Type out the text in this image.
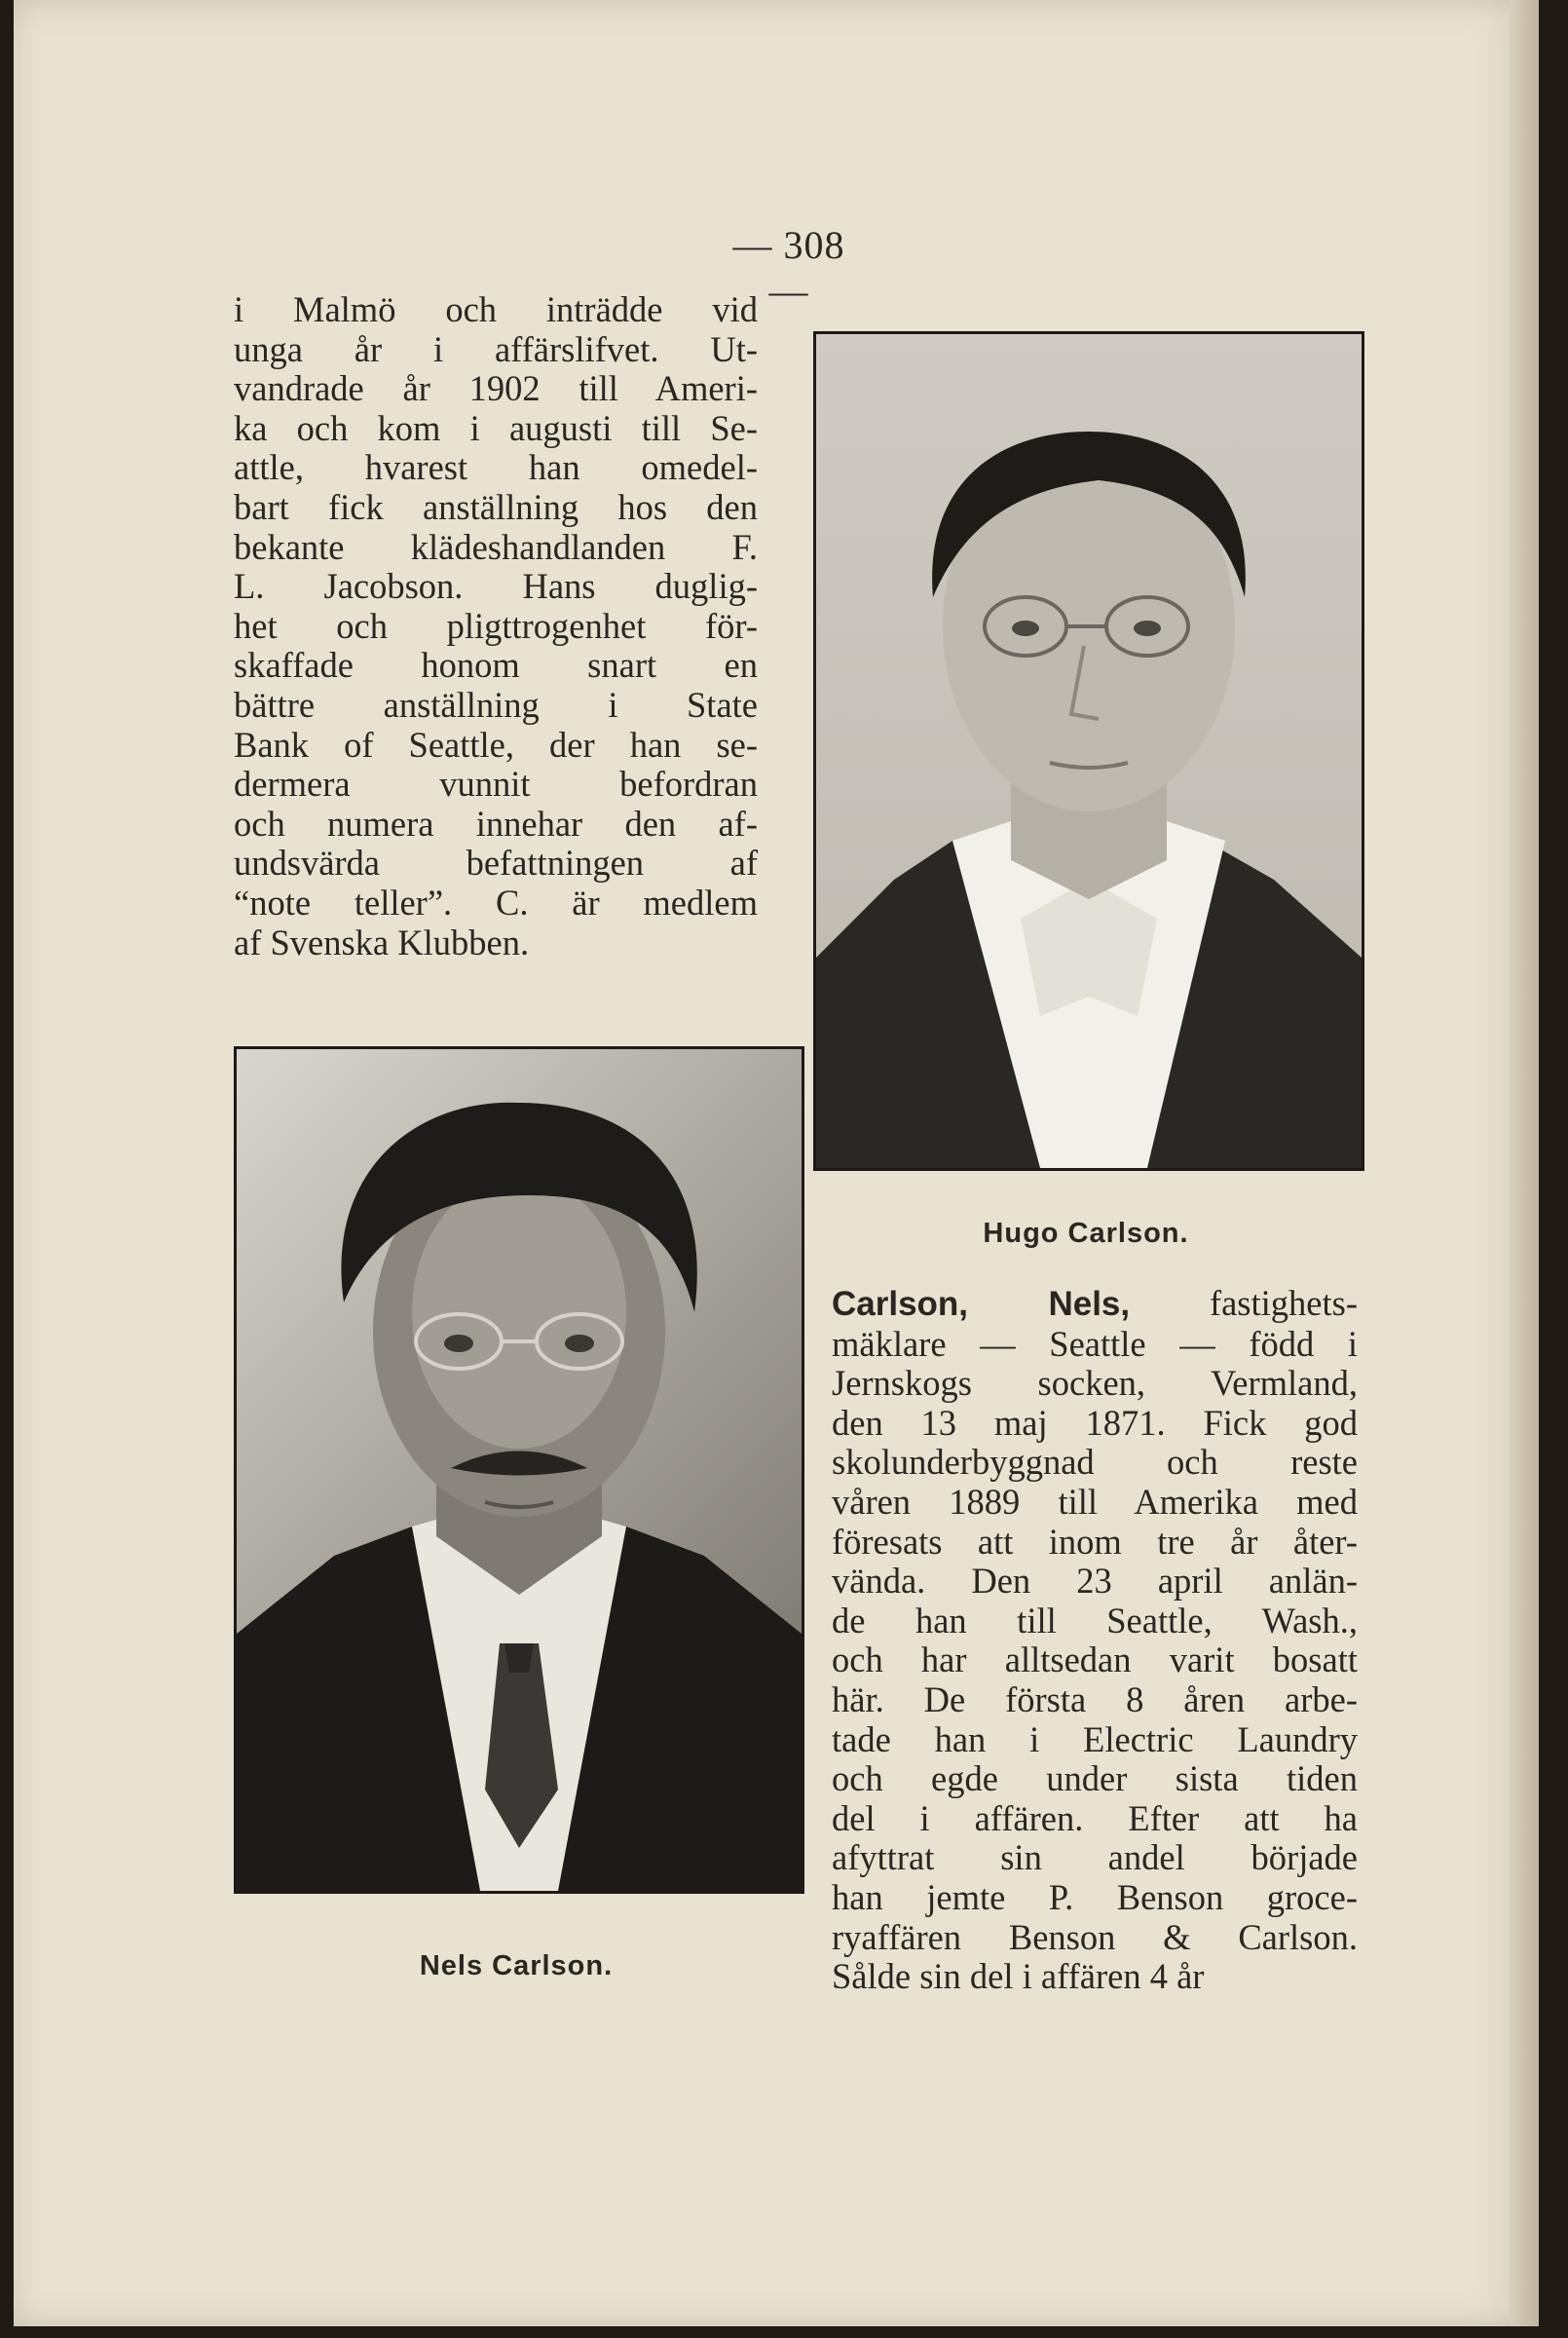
— 308 —
i Malmö och inträdde vid
unga år i affärslifvet. Ut-
vandrade år 1902 till Ameri-
ka och kom i augusti till Se-
attle, hvarest han omedel-
bart fick anställning hos den
bekante klädeshandlanden F.
L. Jacobson. Hans duglig-
het och pligttrogenhet för-
skaffade honom snart en
bättre anställning i State
Bank of Seattle, der han se-
dermera vunnit befordran
och numera innehar den af-
undsvärda befattningen af
“note teller”. C. är medlem
af Svenska Klubben.
Hugo Carlson.
Nels Carlson.
Carlson, Nels, fastighets-
mäklare — Seattle — född i
Jernskogs socken, Vermland,
den 13 maj 1871. Fick god
skolunderbyggnad och reste
våren 1889 till Amerika med
föresats att inom tre år åter-
vända. Den 23 april anlän-
de han till Seattle, Wash.,
och har alltsedan varit bosatt
här. De första 8 åren arbe-
tade han i Electric Laundry
och egde under sista tiden
del i affären. Efter att ha
afyttrat sin andel började
han jemte P. Benson groce-
ryaffären Benson & Carlson.
Sålde sin del i affären 4 år
